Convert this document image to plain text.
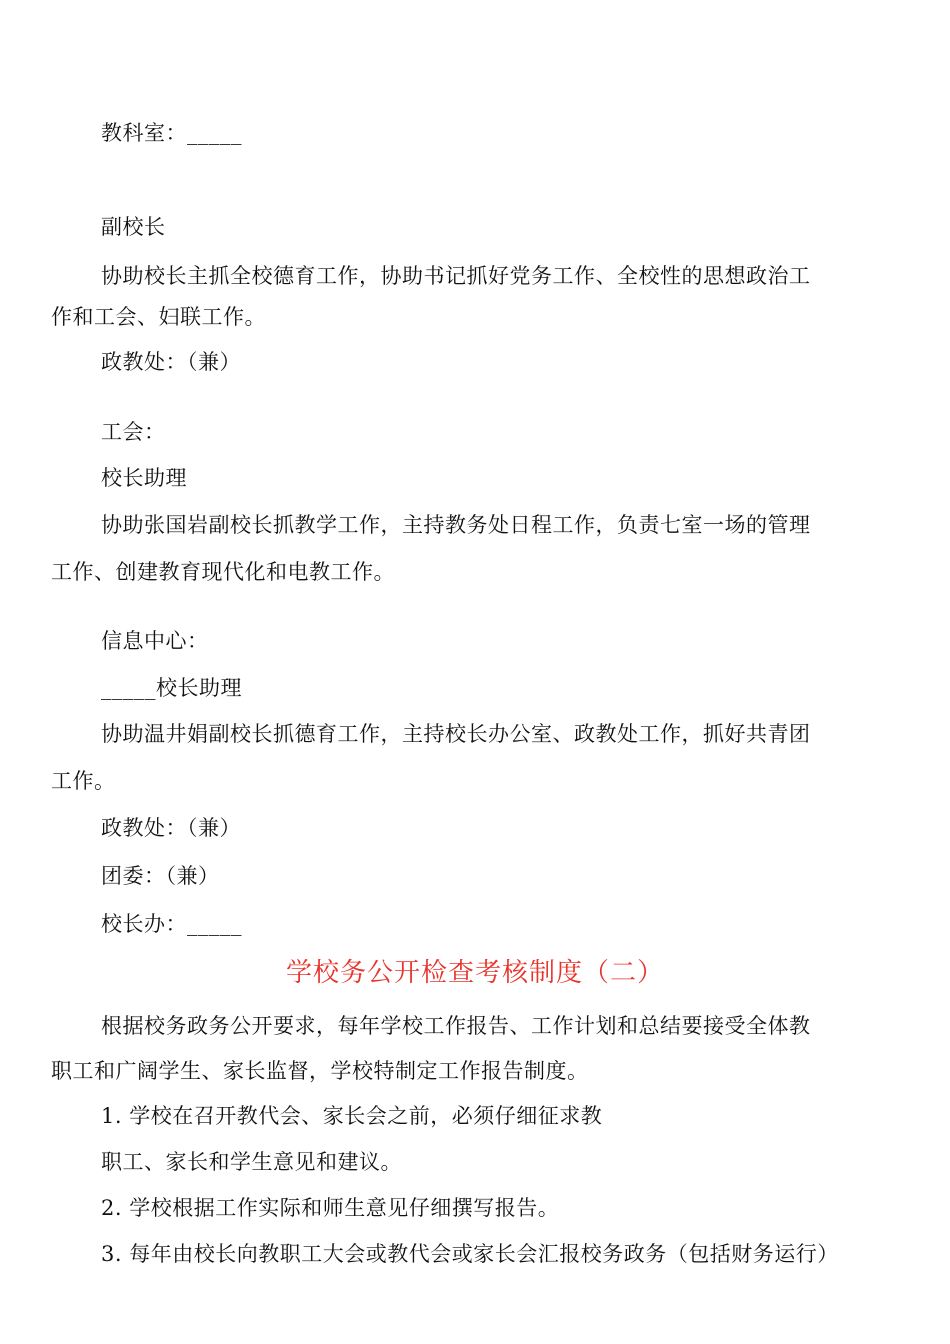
教科室：_____
副校长
协助校长主抓全校德育工作，协助书记抓好党务工作、全校性的思想政治工
作和工会、妇联工作。
政教处：（兼）
工会：
校长助理
协助张国岩副校长抓教学工作，主持教务处日程工作，负责七室一场的管理
工作、创建教育现代化和电教工作。
信息中心：
_____校长助理
协助温井娟副校长抓德育工作，主持校长办公室、政教处工作，抓好共青团
工作。
政教处：（兼）
团委：（兼）
校长办：_____
学校务公开检查考核制度（二）
根据校务政务公开要求，每年学校工作报告、工作计划和总结要接受全体教
职工和广阔学生、家长监督，学校特制定工作报告制度。
1. 学校在召开教代会、家长会之前，必须仔细征求教
职工、家长和学生意见和建议。
2. 学校根据工作实际和师生意见仔细撰写报告。
3. 每年由校长向教职工大会或教代会或家长会汇报校务政务（包括财务运行）
